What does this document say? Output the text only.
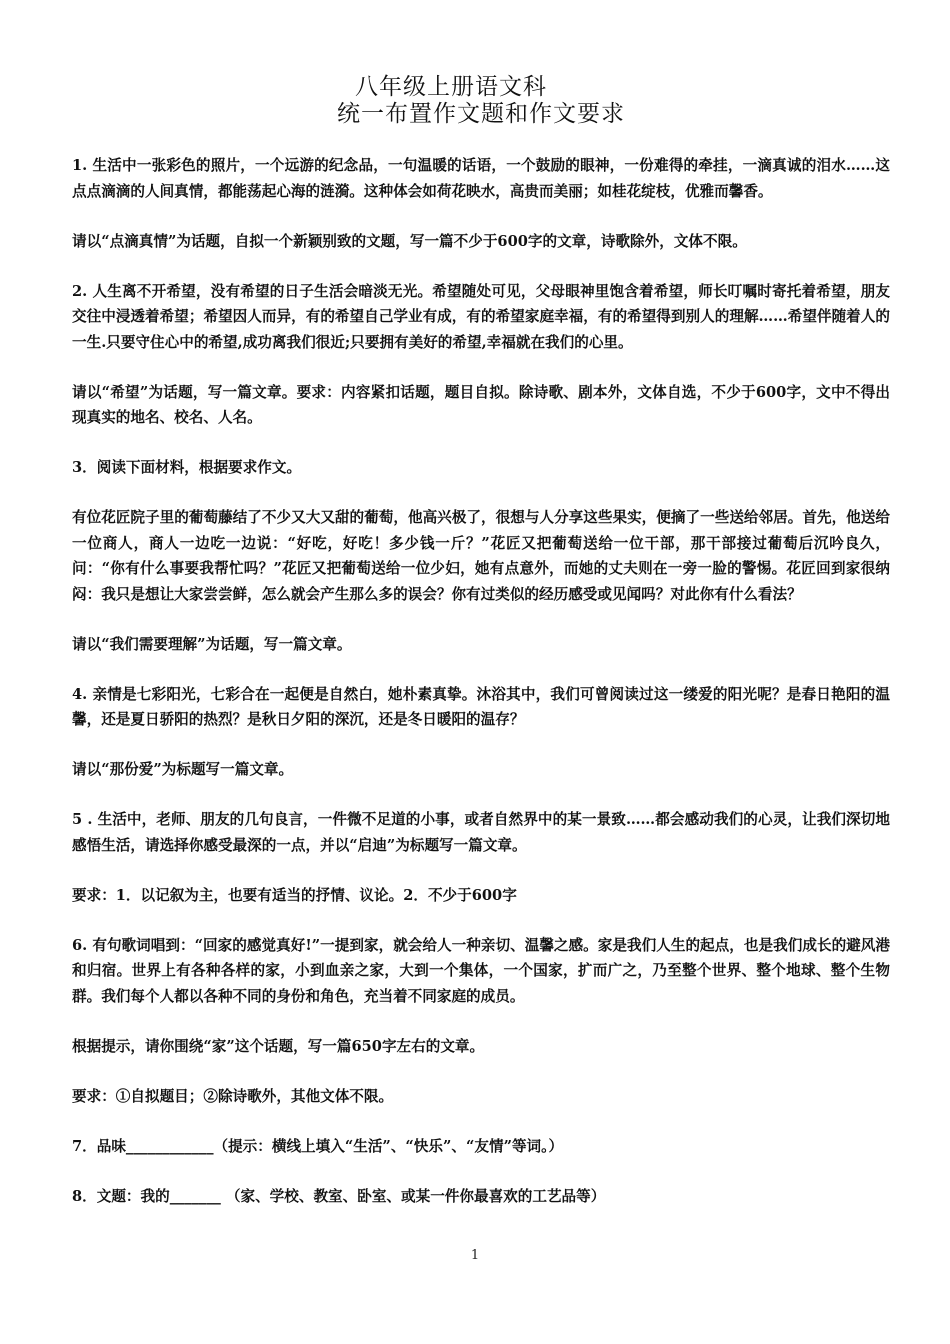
八年级上册语文科
统一布置作文题和作文要求

1. 生活中一张彩色的照片，一个远游的纪念品，一句温暖的话语，一个鼓励的眼神，一份难得的牵挂，一滴真诚的泪水……这点点滴滴的人间真情，都能荡起心海的涟漪。这种体会如荷花映水，高贵而美丽；如桂花绽枝，优雅而馨香。

请以“点滴真情”为话题，自拟一个新颖别致的文题，写一篇不少于600字的文章，诗歌除外，文体不限。

2. 人生离不开希望，没有希望的日子生活会暗淡无光。希望随处可见，父母眼神里饱含着希望，师长叮嘱时寄托着希望，朋友交往中浸透着希望；希望因人而异，有的希望自己学业有成，有的希望家庭幸福，有的希望得到别人的理解……希望伴随着人的一生.只要守住心中的希望,成功离我们很近;只要拥有美好的希望,幸福就在我们的心里。

请以“希望”为话题，写一篇文章。要求：内容紧扣话题，题目自拟。除诗歌、剧本外，文体自选，不少于600字，文中不得出现真实的地名、校名、人名。

3．阅读下面材料，根据要求作文。

有位花匠院子里的葡萄藤结了不少又大又甜的葡萄，他高兴极了，很想与人分享这些果实，便摘了一些送给邻居。首先，他送给一位商人，商人一边吃一边说：“好吃，好吃！多少钱一斤？”花匠又把葡萄送给一位干部，那干部接过葡萄后沉吟良久，问：“你有什么事要我帮忙吗？”花匠又把葡萄送给一位少妇，她有点意外，而她的丈夫则在一旁一脸的警惕。花匠回到家很纳闷：我只是想让大家尝尝鲜，怎么就会产生那么多的误会？你有过类似的经历感受或见闻吗？对此你有什么看法？

请以“我们需要理解”为话题，写一篇文章。

4. 亲情是七彩阳光，七彩合在一起便是自然白，她朴素真挚。沐浴其中，我们可曾阅读过这一缕爱的阳光呢？是春日艳阳的温馨，还是夏日骄阳的热烈？是秋日夕阳的深沉，还是冬日暖阳的温存？

请以“那份爱”为标题写一篇文章。

5 . 生活中，老师、朋友的几句良言，一件微不足道的小事，或者自然界中的某一景致……都会感动我们的心灵，让我们深切地感悟生活，请选择你感受最深的一点，并以“启迪”为标题写一篇文章。

要求：1．以记叙为主，也要有适当的抒情、议论。2．不少于600字

6. 有句歌词唱到：“回家的感觉真好!”一提到家，就会给人一种亲切、温馨之感。家是我们人生的起点，也是我们成长的避风港和归宿。世界上有各种各样的家，小到血亲之家，大到一个集体，一个国家，扩而广之，乃至整个世界、整个地球、整个生物群。我们每个人都以各种不同的身份和角色，充当着不同家庭的成员。

根据提示，请你围绕“家”这个话题，写一篇650字左右的文章。

要求：①自拟题目；②除诗歌外，其他文体不限。

7．品味____________（提示：横线上填入“生活”、“快乐”、“友情”等词。）

8．文题：我的_______ （家、学校、教室、卧室、或某一件你最喜欢的工艺品等）

1
